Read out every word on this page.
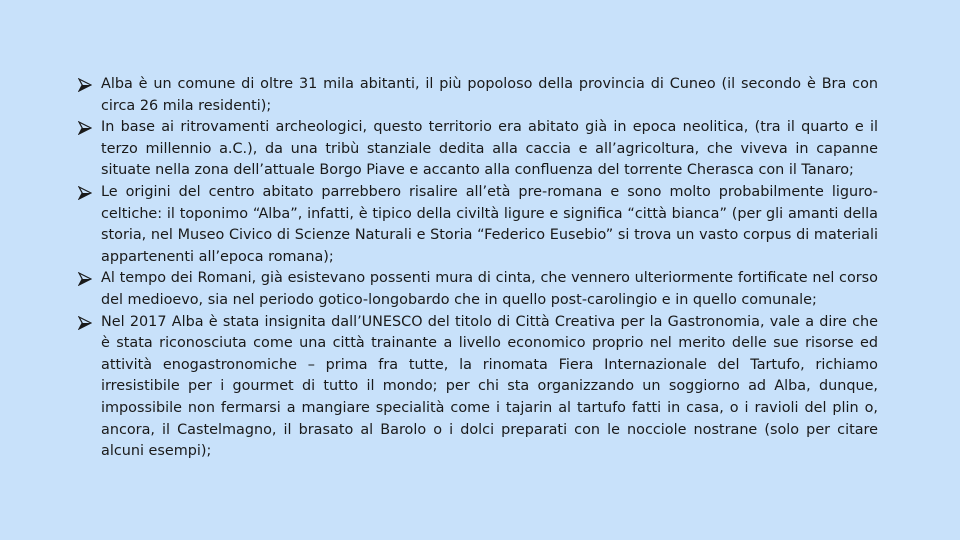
Alba è un comune di oltre 31 mila abitanti, il più popoloso della provincia di Cuneo (il secondo è Bra con circa 26 mila residenti);
In base ai ritrovamenti archeologici, questo territorio era abitato già in epoca neolitica, (tra il quarto e il terzo millennio a.C.), da una tribù stanziale dedita alla caccia e all’agricoltura, che viveva in capanne situate nella zona dell’attuale Borgo Piave e accanto alla confluenza del torrente Cherasca con il Tanaro;
Le origini del centro abitato parrebbero risalire all’età pre-romana e sono molto probabilmente liguro-celtiche: il toponimo “Alba”, infatti, è tipico della civiltà ligure e significa “città bianca” (per gli amanti della storia, nel Museo Civico di Scienze Naturali e Storia “Federico Eusebio” si trova un vasto corpus di materiali appartenenti all’epoca romana);
Al tempo dei Romani, già esistevano possenti mura di cinta, che vennero ulteriormente fortificate nel corso del medioevo, sia nel periodo gotico-longobardo che in quello post-carolingio e in quello comunale;
Nel 2017 Alba è stata insignita dall’UNESCO del titolo di Città Creativa per la Gastronomia, vale a dire che è stata riconosciuta come una città trainante a livello economico proprio nel merito delle sue risorse ed attività enogastronomiche – prima fra tutte, la rinomata Fiera Internazionale del Tartufo, richiamo irresistibile per i gourmet di tutto il mondo; per chi sta organizzando un soggiorno ad Alba, dunque, impossibile non fermarsi a mangiare specialità come i tajarin al tartufo fatti in casa, o i ravioli del plin o, ancora, il Castelmagno, il brasato al Barolo o i dolci preparati con le nocciole nostrane (solo per citare alcuni esempi);
